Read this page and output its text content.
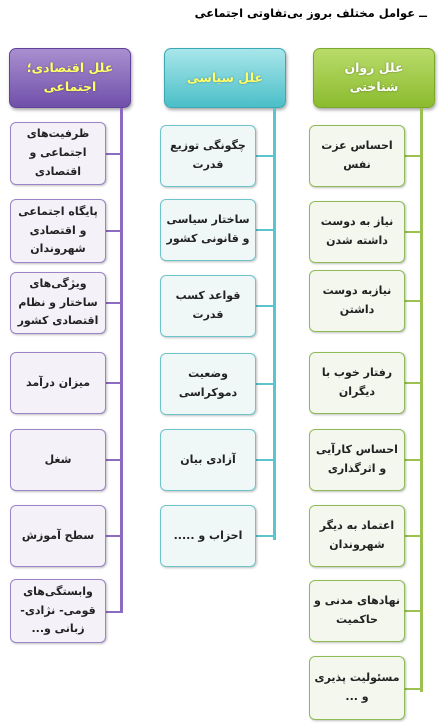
ــ عوامل مختلف بروز بی‌تفاوتی اجتماعی
علل روان شناختی
احساس عزت نفس
نیاز به دوست داشته شدن
نیازبه دوست داشتن
رفتار خوب با دیگران
احساس کارآیی و اثرگذاری
اعتماد به دیگر شهروندان
نهادهای مدنی و حاکمیت
مسئولیت پذیری و ...
علل سیاسی
چگونگی توزیع قدرت
ساختار سیاسی و قانونی کشور
قواعد کسب قدرت
وضعیت دموکراسی
آزادی بیان
احزاب و .....
علل اقتصادی؛ اجتماعی
ظرفیت‌های اجتماعی و اقتصادی
پایگاه اجتماعی و اقتصادی شهروندان
ویژگی‌های ساختار و نظام اقتصادی کشور
میزان درآمد
شغل
سطح آموزش
وابستگی‌های قومی- نژادی- زبانی و...
